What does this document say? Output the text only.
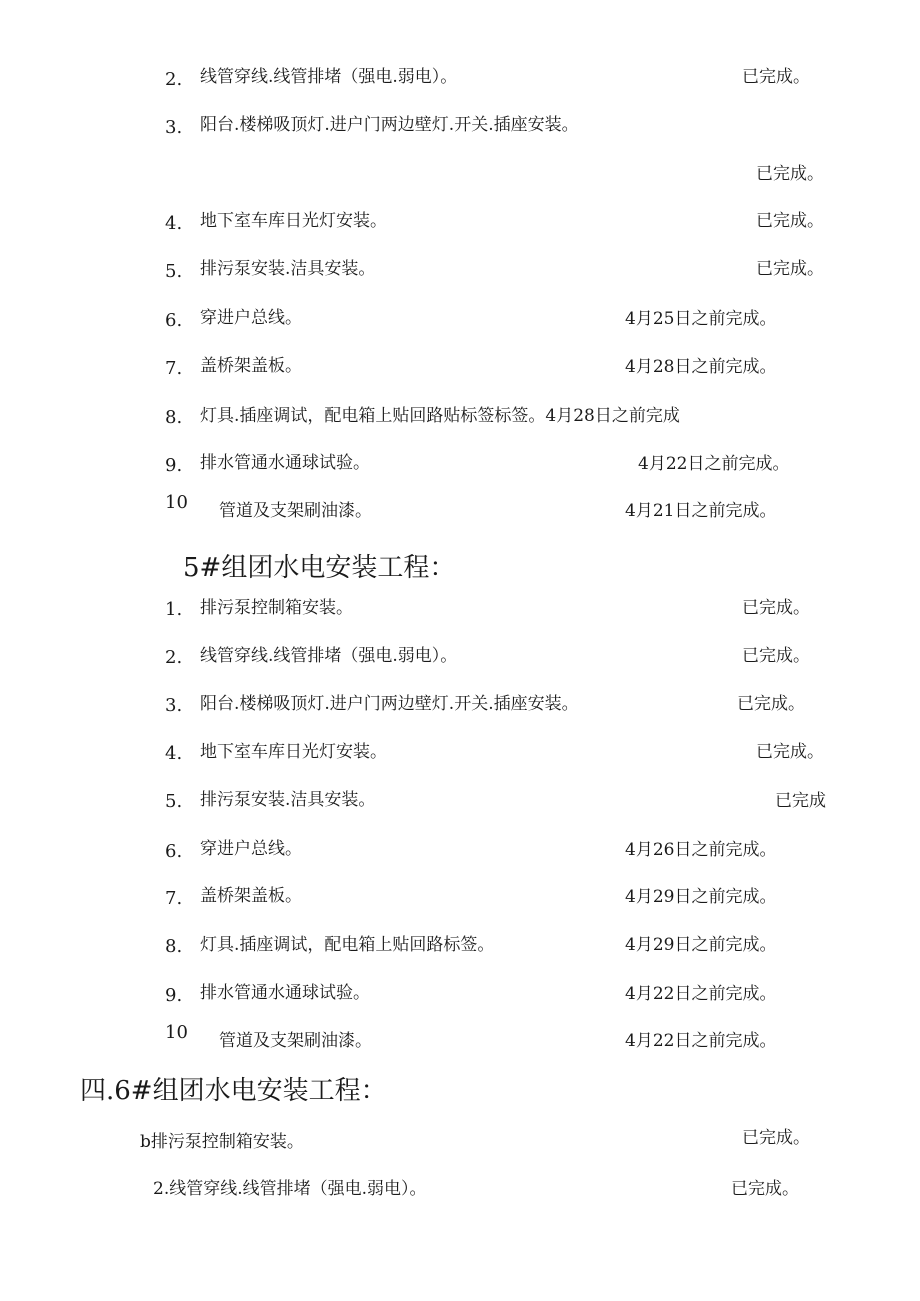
2. 线管穿线.线管排堵（强电.弱电）。	已完成。
3. 阳台.楼梯吸顶灯.进户门两边壁灯.开关.插座安装。
已完成。
4. 地下室车库日光灯安装。	已完成。
5. 排污泵安装.洁具安装。	已完成。
6. 穿进户总线。	4月25日之前完成。
7. 盖桥架盖板。	4月28日之前完成。
8. 灯具.插座调试，配电箱上贴回路贴标签标签。4月28日之前完成
9. 排水管通水通球试验。	4月22日之前完成。
10 管道及支架刷油漆。	4月21日之前完成。
5#组团水电安装工程：
1. 排污泵控制箱安装。	已完成。
2. 线管穿线.线管排堵（强电.弱电）。	已完成。
3. 阳台.楼梯吸顶灯.进户门两边壁灯.开关.插座安装。	已完成。
4. 地下室车库日光灯安装。	已完成。
5. 排污泵安装.洁具安装。	已完成
6. 穿进户总线。	4月26日之前完成。
7. 盖桥架盖板。	4月29日之前完成。
8. 灯具.插座调试，配电箱上贴回路标签。	4月29日之前完成。
9. 排水管通水通球试验。	4月22日之前完成。
10 管道及支架刷油漆。	4月22日之前完成。
四.6#组团水电安装工程：
b排污泵控制箱安装。	已完成。
2.线管穿线.线管排堵（强电.弱电）。	已完成。
